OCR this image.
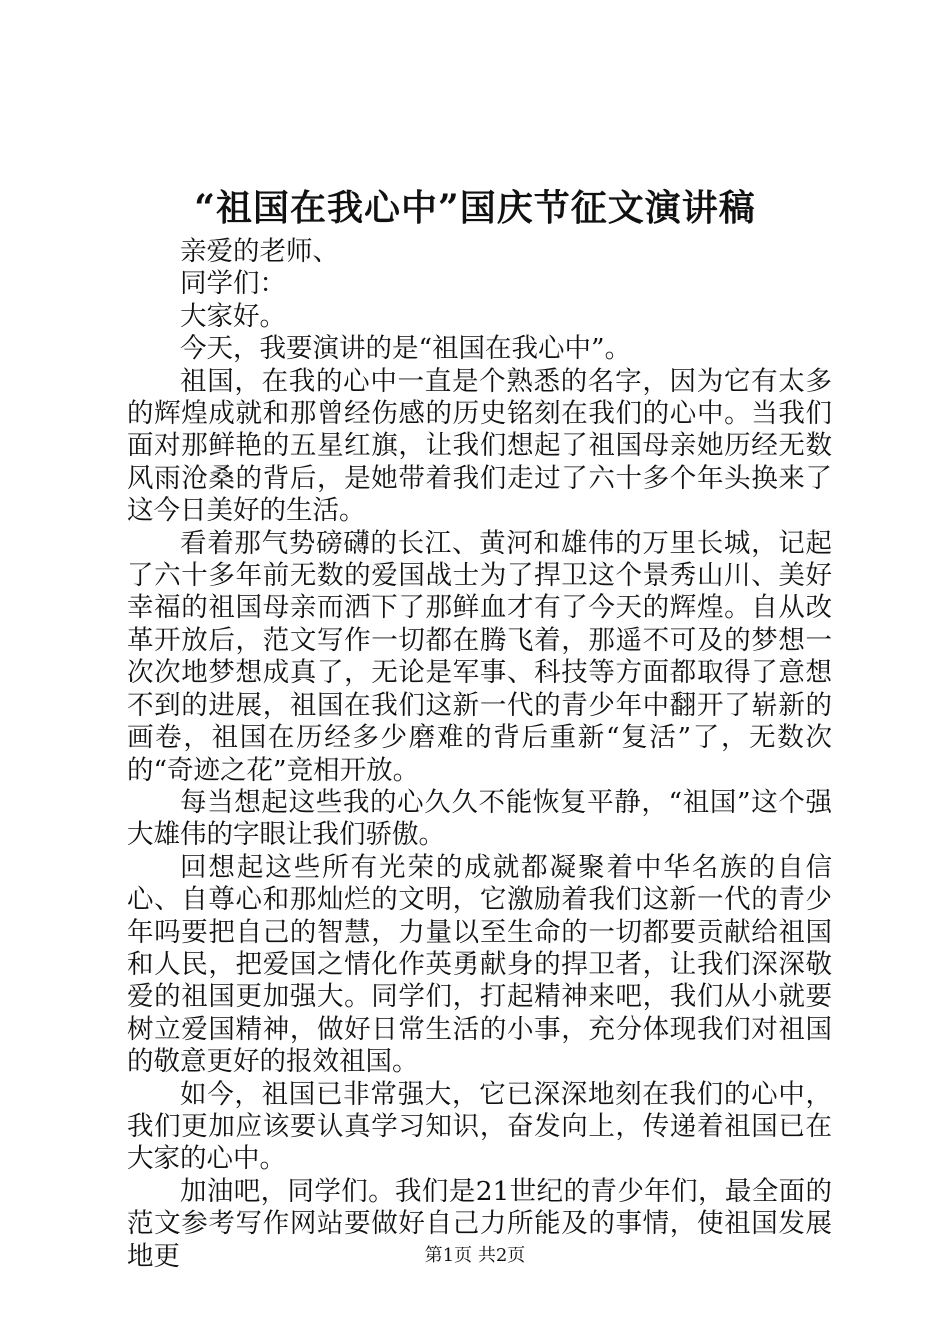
“祖国在我心中”国庆节征文演讲稿

亲爱的老师、

同学们：

大家好。

今天，我要演讲的是“祖国在我心中”。

祖国，在我的心中一直是个熟悉的名字，因为它有太多的辉煌成就和那曾经伤感的历史铭刻在我们的心中。当我们面对那鲜艳的五星红旗，让我们想起了祖国母亲她历经无数风雨沧桑的背后，是她带着我们走过了六十多个年头换来了这今日美好的生活。

看着那气势磅礴的长江、黄河和雄伟的万里长城，记起了六十多年前无数的爱国战士为了捍卫这个景秀山川、美好幸福的祖国母亲而洒下了那鲜血才有了今天的辉煌。自从改革开放后，范文写作一切都在腾飞着，那遥不可及的梦想一次次地梦想成真了，无论是军事、科技等方面都取得了意想不到的进展，祖国在我们这新一代的青少年中翻开了崭新的画卷，祖国在历经多少磨难的背后重新“复活”了，无数次的“奇迹之花”竞相开放。

每当想起这些我的心久久不能恢复平静，“祖国”这个强大雄伟的字眼让我们骄傲。

回想起这些所有光荣的成就都凝聚着中华名族的自信心、自尊心和那灿烂的文明，它激励着我们这新一代的青少年吗要把自己的智慧，力量以至生命的一切都要贡献给祖国和人民，把爱国之情化作英勇献身的捍卫者，让我们深深敬爱的祖国更加强大。同学们，打起精神来吧，我们从小就要树立爱国精神，做好日常生活的小事，充分体现我们对祖国的敬意更好的报效祖国。

如今，祖国已非常强大，它已深深地刻在我们的心中，我们更加应该要认真学习知识，奋发向上，传递着祖国已在大家的心中。

加油吧，同学们。我们是21世纪的青少年们，最全面的范文参考写作网站要做好自己力所能及的事情，使祖国发展地更	第1页 共2页
